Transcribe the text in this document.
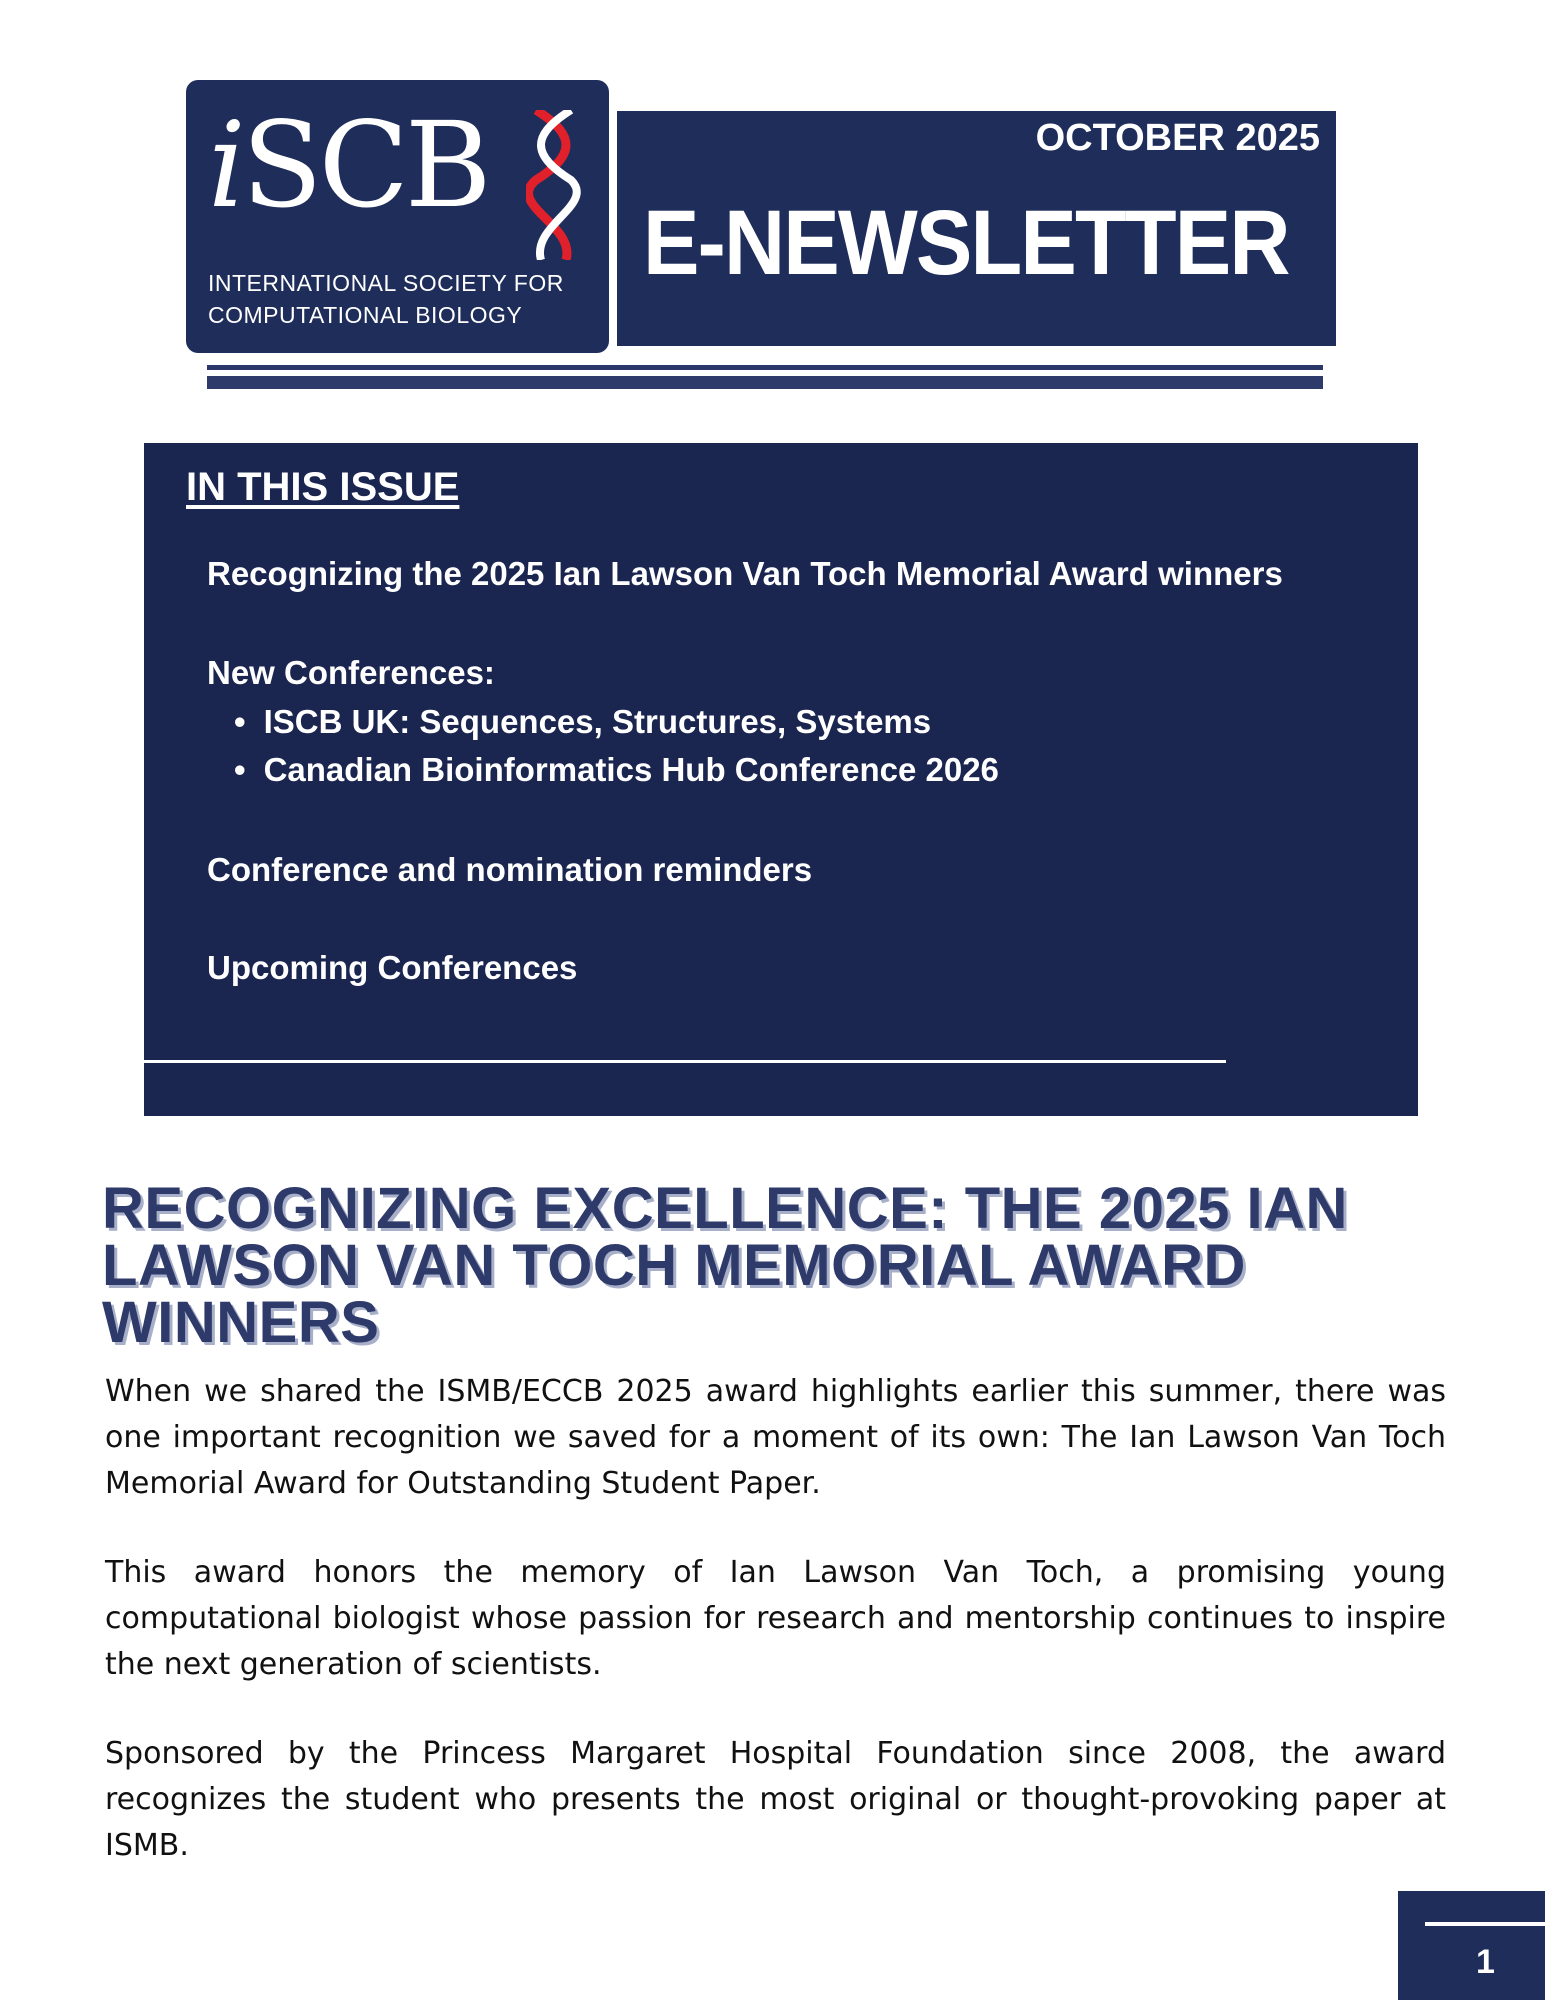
iSCB
INTERNATIONAL SOCIETY FOR
COMPUTATIONAL BIOLOGY
OCTOBER 2025
E-NEWSLETTER
IN THIS ISSUE
Recognizing the 2025 Ian Lawson Van Toch Memorial Award winners
New Conferences:
• ISCB UK: Sequences, Structures, Systems
• Canadian Bioinformatics Hub Conference 2026
Conference and nomination reminders
Upcoming Conferences
RECOGNIZING EXCELLENCE: THE 2025 IAN LAWSON VAN TOCH MEMORIAL AWARD WINNERS

When we shared the ISMB/ECCB 2025 award highlights earlier this summer, there was one important recognition we saved for a moment of its own: The Ian Lawson Van Toch Memorial Award for Outstanding Student Paper.

This award honors the memory of Ian Lawson Van Toch, a promising young computational biologist whose passion for research and mentorship continues to inspire the next generation of scientists.

Sponsored by the Princess Margaret Hospital Foundation since 2008, the award recognizes the student who presents the most original or thought-provoking paper at ISMB.

1
